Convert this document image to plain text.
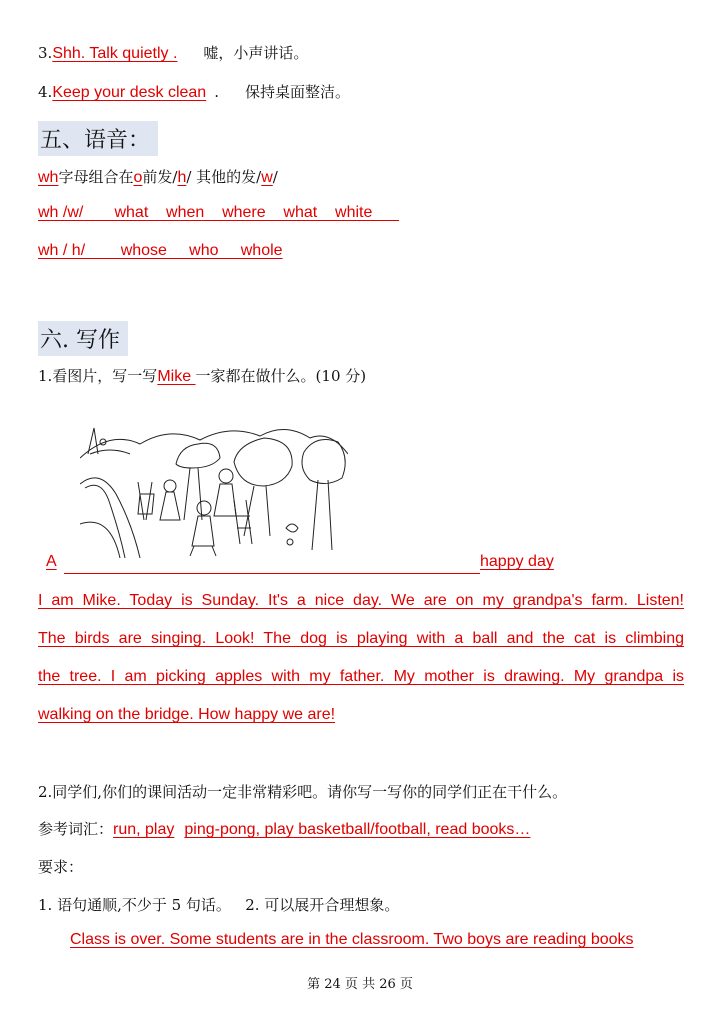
3.Shh. Talk quietly . 嘘，小声讲话。
4.Keep your desk clean . 保持桌面整洁。
五、语音：
wh字母组合在o前发/h/ 其他的发/w/
wh /w/       what    when    where    what    white
wh / h/        whose     who     whole
六. 写作
1.看图片，写一写Mike 一家都在做什么。(10 分)
A	happy day
I am Mike. Today is Sunday. It's a nice day. We are on my grandpa's farm. Listen!
The birds are singing. Look! The dog is playing with a ball and the cat is climbing
the tree. I am picking apples with my father. My mother is drawing. My grandpa is
walking on the bridge. How happy we are!
2.同学们,你们的课间活动一定非常精彩吧。请你写一写你的同学们正在干什么。
参考词汇：run, play ping-pong, play basketball/football, read books…
要求：
1. 语句通顺,不少于 5 句话。   2. 可以展开合理想象。
Class is over. Some students are in the classroom. Two boys are reading books
第 24 页 共 26 页
